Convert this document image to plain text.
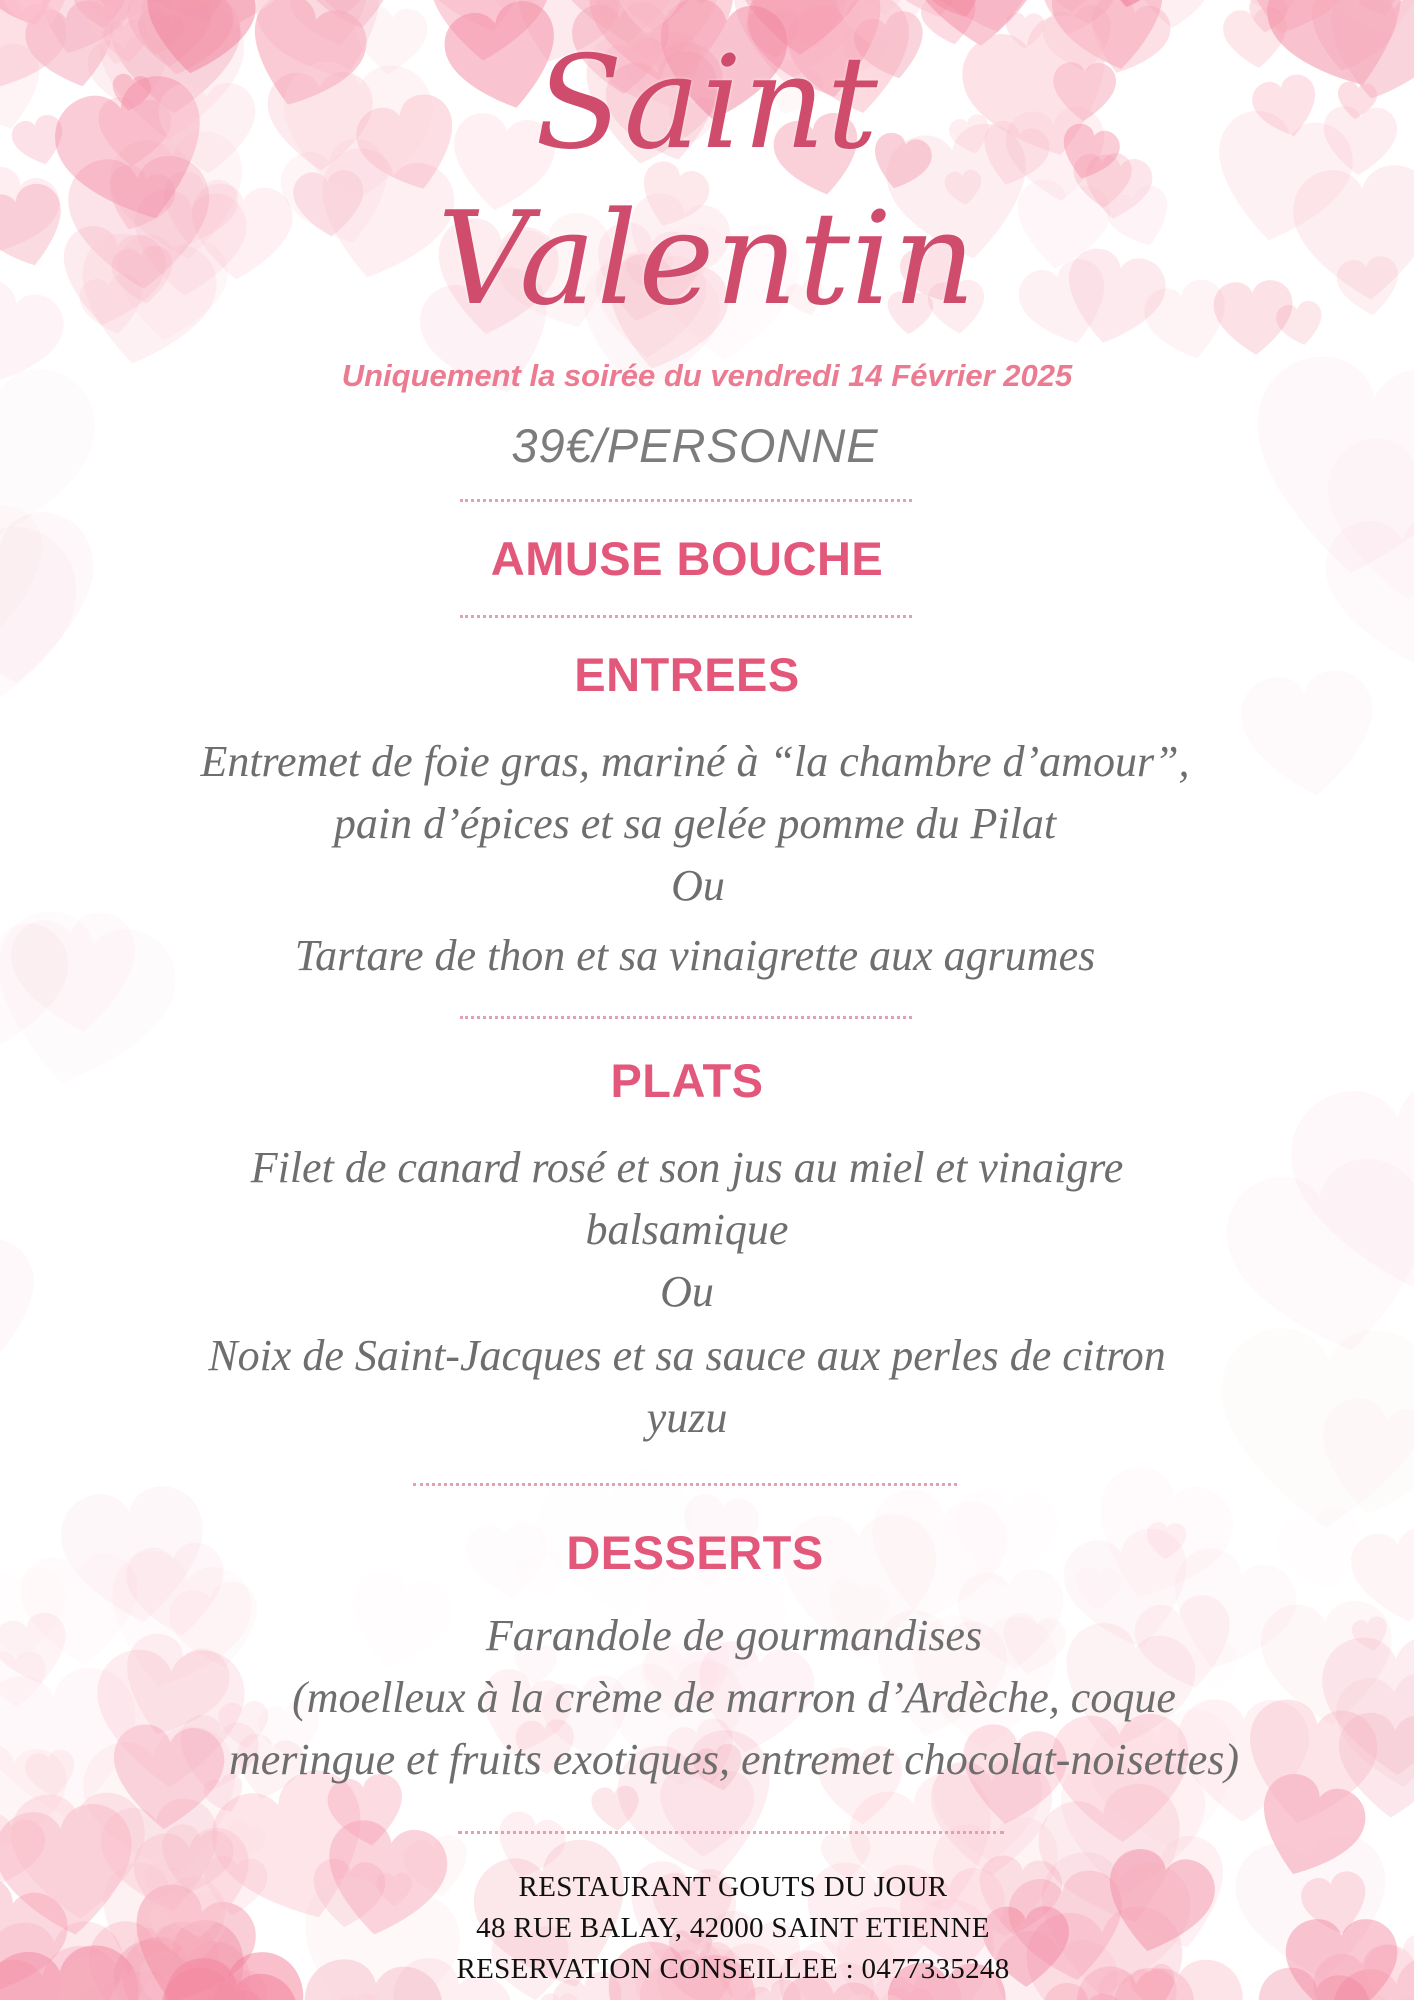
Saint
Valentin
Uniquement la soirée du vendredi 14 Février 2025
39€/PERSONNE
AMUSE BOUCHE
ENTREES
Entremet de foie gras, mariné à “la chambre d’amour”,
pain d’épices et sa gelée pomme du Pilat
Ou
Tartare de thon et sa vinaigrette aux agrumes
PLATS
Filet de canard rosé et son jus au miel et vinaigre
balsamique
Ou
Noix de Saint-Jacques et sa sauce aux perles de citron
yuzu
DESSERTS
Farandole de gourmandises
(moelleux à la crème de marron d’Ardèche, coque
meringue et fruits exotiques, entremet chocolat-noisettes)
RESTAURANT GOUTS DU JOUR
48 RUE BALAY, 42000 SAINT ETIENNE
RESERVATION CONSEILLEE : 0477335248
